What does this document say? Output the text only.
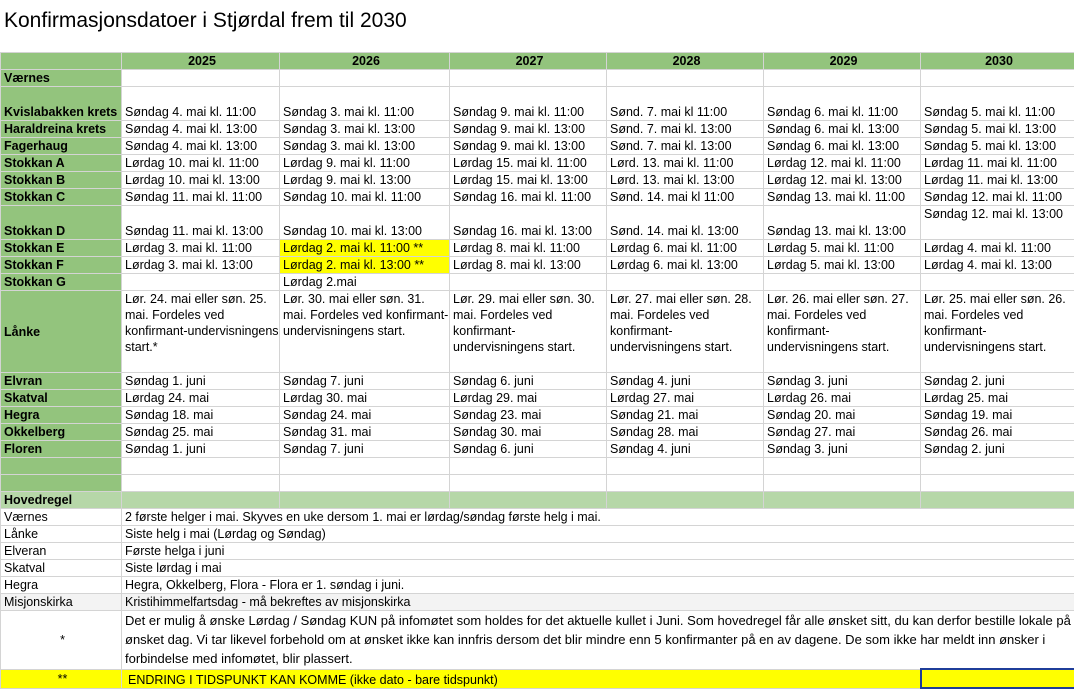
Konfirmasjonsdatoer i Stjørdal frem til 2030
	2025	2026	2027	2028	2029	2030
Værnes						
Kvislabakken krets	Søndag 4. mai kl. 11:00	Søndag 3. mai kl. 11:00	Søndag 9. mai kl. 11:00	Sønd. 7. mai kl 11:00	Søndag 6. mai kl. 11:00	Søndag 5. mai kl. 11:00
Haraldreina krets	Søndag 4. mai kl. 13:00	Søndag 3. mai kl. 13:00	Søndag 9. mai kl. 13:00	Sønd. 7. mai kl. 13:00	Søndag 6. mai kl. 13:00	Søndag 5. mai kl. 13:00
Fagerhaug	Søndag 4. mai kl. 13:00	Søndag 3. mai kl. 13:00	Søndag 9. mai kl. 13:00	Sønd. 7. mai kl. 13:00	Søndag 6. mai kl. 13:00	Søndag 5. mai kl. 13:00
Stokkan A	Lørdag 10. mai kl. 11:00	Lørdag 9. mai kl. 11:00	Lørdag 15. mai kl. 11:00	Lørd. 13. mai kl. 11:00	Lørdag 12. mai kl. 11:00	Lørdag 11. mai kl. 11:00
Stokkan B	Lørdag 10. mai kl. 13:00	Lørdag 9. mai kl. 13:00	Lørdag 15. mai kl. 13:00	Lørd. 13. mai kl. 13:00	Lørdag 12. mai kl. 13:00	Lørdag 11. mai kl. 13:00
Stokkan C	Søndag 11. mai kl. 11:00	Søndag 10. mai kl. 11:00	Søndag 16. mai kl. 11:00	Sønd. 14. mai kl 11:00	Søndag 13. mai kl. 11:00	Søndag 12. mai kl. 11:00
Stokkan D	Søndag 11. mai kl. 13:00	Søndag 10. mai kl. 13:00	Søndag 16. mai kl. 13:00	Sønd. 14. mai kl. 13:00	Søndag 13. mai kl. 13:00	Søndag 12. mai kl. 13:00
Stokkan E	Lørdag 3. mai kl. 11:00	Lørdag 2. mai kl. 11:00 **	Lørdag 8. mai kl. 11:00	Lørdag 6. mai kl. 11:00	Lørdag 5. mai kl. 11:00	Lørdag 4. mai kl. 11:00
Stokkan F	Lørdag 3. mai kl. 13:00	Lørdag 2. mai kl. 13:00 **	Lørdag 8. mai kl. 13:00	Lørdag 6. mai kl. 13:00	Lørdag 5. mai kl. 13:00	Lørdag 4. mai kl. 13:00
Stokkan G		Lørdag 2.mai				
Lånke	Lør. 24. mai eller søn. 25. mai. Fordeles ved konfirmant-undervisningens start.*	Lør. 30. mai eller søn. 31. mai. Fordeles ved konfirmant-undervisningens start.	Lør. 29. mai eller søn. 30. mai. Fordeles ved konfirmant-undervisningens start.	Lør. 27. mai eller søn. 28. mai. Fordeles ved konfirmant-undervisningens start.	Lør. 26. mai eller søn. 27. mai. Fordeles ved konfirmant-undervisningens start.	Lør. 25. mai eller søn. 26. mai. Fordeles ved konfirmant-undervisningens start.
Elvran	Søndag 1. juni	Søndag 7. juni	Søndag 6. juni	Søndag 4. juni	Søndag 3. juni	Søndag 2. juni
Skatval	Lørdag 24. mai	Lørdag 30. mai	Lørdag 29. mai	Lørdag 27. mai	Lørdag 26. mai	Lørdag 25. mai
Hegra	Søndag 18. mai	Søndag 24. mai	Søndag 23. mai	Søndag 21. mai	Søndag 20. mai	Søndag 19. mai
Okkelberg	Søndag 25. mai	Søndag 31. mai	Søndag 30. mai	Søndag 28. mai	Søndag 27. mai	Søndag 26. mai
Floren	Søndag 1. juni	Søndag 7. juni	Søndag 6. juni	Søndag 4. juni	Søndag 3. juni	Søndag 2. juni

Hovedregel						
Værnes	2 første helger i mai. Skyves en uke dersom 1. mai er lørdag/søndag første helg i mai.					
Lånke	Siste helg i mai (Lørdag og Søndag)					
Elveran	Første helga i juni					
Skatval	Siste lørdag i mai					
Hegra	Hegra, Okkelberg, Flora - Flora er 1. søndag i juni.					
Misjonskirka	Kristihimmelfartsdag - må bekreftes av misjonskirka					
*	Det er mulig å ønske Lørdag / Søndag KUN på infomøtet som holdes for det aktuelle kullet i Juni. Som hovedregel får alle ønsket sitt, du kan derfor bestille lokale på ønsket dag. Vi tar likevel forbehold om at ønsket ikke kan innfris dersom det blir mindre enn 5 konfirmanter på en av dagene. De som ikke har meldt inn ønsker i forbindelse med infomøtet, blir plassert.					
**	ENDRING I TIDSPUNKT KAN KOMME (ikke dato - bare tidspunkt)					
